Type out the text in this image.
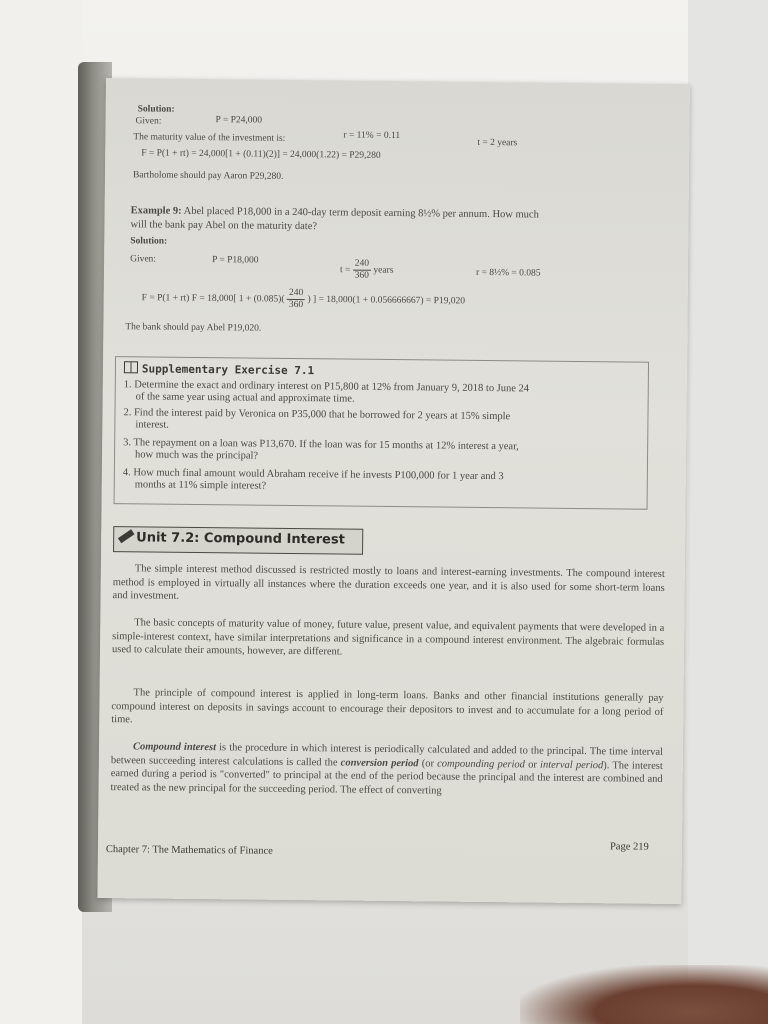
Solution:
Given:	P = P24,000
r = 11% = 0.11
t = 2 years
The maturity value of the investment is:
F = P(1 + rt) = 24,000[1 + (0.11)(2)] = 24,000(1.22) = P29,280
Bartholome should pay Aaron P29,280.
Example 9: Abel placed P18,000 in a 240-day term deposit earning 8½% per annum. How much
will the bank pay Abel on the maturity date?
Solution:
Given:	P = P18,000
$t = \frac{240}{360}$ years	r = 8½% = 0.085
F = P(1 + rt) F = 18,000[ $1 + (0.085)( \frac{240}{360}$ ) ] = 18,000(1 + 0.056666667) = P19,020
The bank should pay Abel P19,020.
Supplementary Exercise 7.1
1. Determine the exact and ordinary interest on P15,800 at 12% from January 9, 2018 to June 24
of the same year using actual and approximate time.
2. Find the interest paid by Veronica on P35,000 that he borrowed for 2 years at 15% simple
interest.
3. The repayment on a loan was P13,670. If the loan was for 15 months at 12% interest a year,
how much was the principal?
4. How much final amount would Abraham receive if he invests P100,000 for 1 year and 3
months at 11% simple interest?
Unit 7.2: Compound Interest
The simple interest method discussed is restricted mostly to loans and interest-earning investments. The compound interest method is employed in virtually all instances where the duration exceeds one year, and it is also used for some short-term loans and investment.
The basic concepts of maturity value of money, future value, present value, and equivalent payments that were developed in a simple-interest context, have similar interpretations and significance in a compound interest environment. The algebraic formulas used to calculate their amounts, however, are different.
The principle of compound interest is applied in long-term loans. Banks and other financial institutions generally pay compound interest on deposits in savings account to encourage their depositors to invest and to accumulate for a long period of time.
Compound interest is the procedure in which interest is periodically calculated and added to the principal. The time interval between succeeding interest calculations is called the conversion period (or compounding period or interval period). The interest earned during a period is "converted" to principal at the end of the period because the principal and the interest are combined and treated as the new principal for the succeeding period. The effect of converting
Chapter 7: The Mathematics of Finance	Page 219
